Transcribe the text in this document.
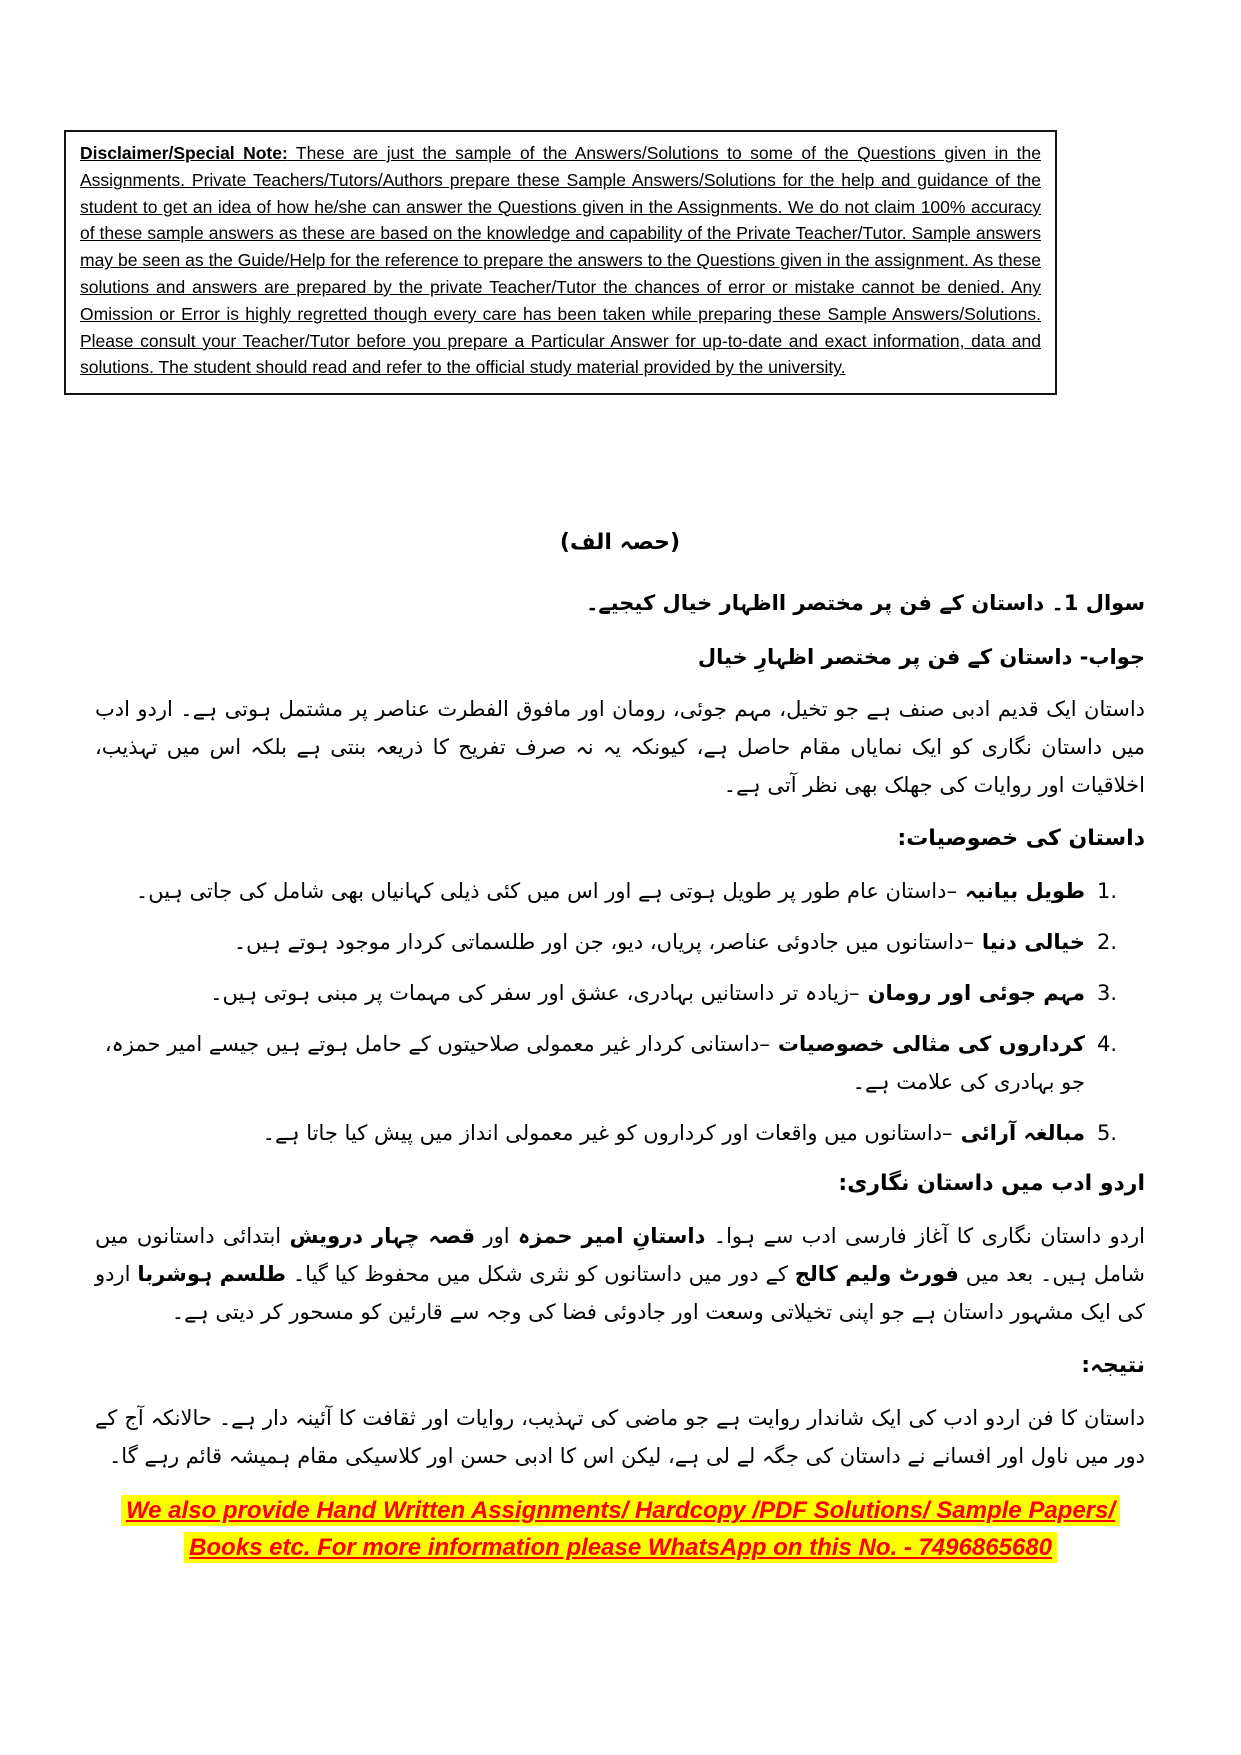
Disclaimer/Special Note: These are just the sample of the Answers/Solutions to some of the Questions given in the Assignments. Private Teachers/Tutors/Authors prepare these Sample Answers/Solutions for the help and guidance of the student to get an idea of how he/she can answer the Questions given in the Assignments. We do not claim 100% accuracy of these sample answers as these are based on the knowledge and capability of the Private Teacher/Tutor. Sample answers may be seen as the Guide/Help for the reference to prepare the answers to the Questions given in the assignment. As these solutions and answers are prepared by the private Teacher/Tutor the chances of error or mistake cannot be denied. Any Omission or Error is highly regretted though every care has been taken while preparing these Sample Answers/Solutions. Please consult your Teacher/Tutor before you prepare a Particular Answer for up-to-date and exact information, data and solutions. The student should read and refer to the official study material provided by the university.

(حصہ الف)

سوال 1۔ داستان کے فن پر مختصر ااظہار خیال کیجیے۔

جواب- داستان کے فن پر مختصر اظہارِ خیال

داستان ایک قدیم ادبی صنف ہے جو تخیل، مہم جوئی، رومان اور مافوق الفطرت عناصر پر مشتمل ہوتی ہے۔ اردو ادب میں داستان نگاری کو ایک نمایاں مقام حاصل ہے، کیونکہ یہ نہ صرف تفریح کا ذریعہ بنتی ہے بلکہ اس میں تہذیب، اخلاقیات اور روایات کی جھلک بھی نظر آتی ہے۔

داستان کی خصوصیات:
1.
طویل بیانیہ–داستان عام طور پر طویل ہوتی ہے اور اس میں کئی ذیلی کہانیاں بھی شامل کی جاتی ہیں۔
2.
خیالی دنیا–داستانوں میں جادوئی عناصر، پریاں، دیو، جن اور طلسماتی کردار موجود ہوتے ہیں۔
3.
مہم جوئی اور رومان–زیادہ تر داستانیں بہادری، عشق اور سفر کی مہمات پر مبنی ہوتی ہیں۔
4.
کرداروں کی مثالی خصوصیات–داستانی کردار غیر معمولی صلاحیتوں کے حامل ہوتے ہیں جیسے امیر حمزہ، جو بہادری کی علامت ہے۔
5.
مبالغہ آرائی–داستانوں میں واقعات اور کرداروں کو غیر معمولی انداز میں پیش کیا جاتا ہے۔
اردو ادب میں داستان نگاری:

اردو داستان نگاری کا آغاز فارسی ادب سے ہوا۔ داستانِ امیر حمزہ اور قصہ چہار درویش ابتدائی داستانوں میں شامل ہیں۔ بعد میں فورٹ ولیم کالج کے دور میں داستانوں کو نثری شکل میں محفوظ کیا گیا۔ طلسم ہوشربا اردو کی ایک مشہور داستان ہے جو اپنی تخیلاتی وسعت اور جادوئی فضا کی وجہ سے قارئین کو مسحور کر دیتی ہے۔

نتیجہ:

داستان کا فن اردو ادب کی ایک شاندار روایت ہے جو ماضی کی تہذیب، روایات اور ثقافت کا آئینہ دار ہے۔ حالانکہ آج کے دور میں ناول اور افسانے نے داستان کی جگہ لے لی ہے، لیکن اس کا ادبی حسن اور کلاسیکی مقام ہمیشہ قائم رہے گا۔

We also provide Hand Written Assignments/ Hardcopy /PDF Solutions/ Sample Papers/
Books etc. For more information please WhatsApp on this No. - 7496865680
